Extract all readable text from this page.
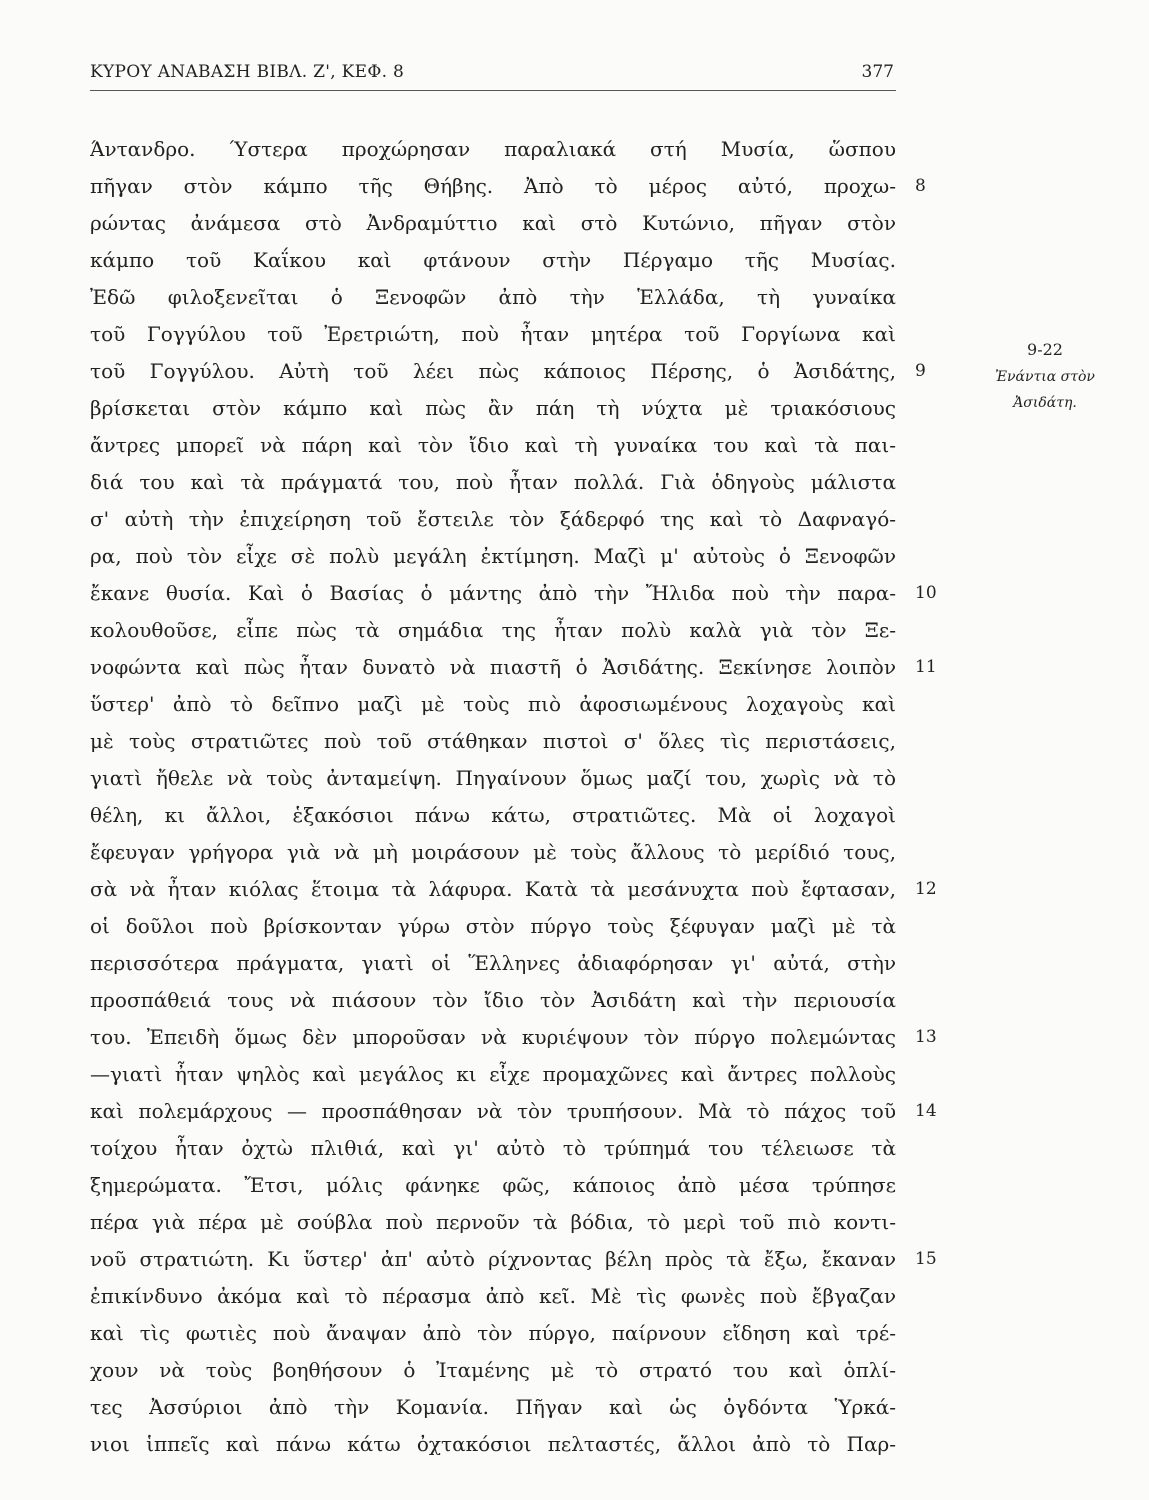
ΚΥΡΟΥ ΑΝΑΒΑΣΗ ΒΙΒΛ. Ζ', ΚΕΦ. 8	377
Άντανδρο. Ύστερα προχώρησαν παραλιακά στή Μυσία, ὥσπου
πῆγαν στὸν κάμπο τῆς Θήβης. Ἀπὸ τὸ μέρος αὐτό, προχω-
ρώντας ἀνάμεσα στὸ Ἀνδραμύττιο καὶ στὸ Κυτώνιο, πῆγαν στὸν
κάμπο τοῦ Καΐκου καὶ φτάνουν στὴν Πέργαμο τῆς Μυσίας.
Ἐδῶ φιλοξενεῖται ὁ Ξενοφῶν ἀπὸ τὴν Ἑλλάδα, τὴ γυναίκα
τοῦ Γογγύλου τοῦ Ἐρετριώτη, ποὺ ἦταν μητέρα τοῦ Γοργίωνα καὶ
τοῦ Γογγύλου. Αὐτὴ τοῦ λέει πὼς κάποιος Πέρσης, ὁ Ἀσιδάτης,
βρίσκεται στὸν κάμπο καὶ πὼς ἂν πάη τὴ νύχτα μὲ τριακόσιους
ἄντρες μπορεῖ νὰ πάρη καὶ τὸν ἴδιο καὶ τὴ γυναίκα του καὶ τὰ παι-
διά του καὶ τὰ πράγματά του, ποὺ ἦταν πολλά. Γιὰ ὁδηγοὺς μάλιστα
σ' αὐτὴ τὴν ἐπιχείρηση τοῦ ἔστειλε τὸν ξάδερφό της καὶ τὸ Δαφναγό-
ρα, ποὺ τὸν εἶχε σὲ πολὺ μεγάλη ἐκτίμηση. Μαζὶ μ' αὐτοὺς ὁ Ξενοφῶν
ἔκανε θυσία. Καὶ ὁ Βασίας ὁ μάντης ἀπὸ τὴν Ἤλιδα ποὺ τὴν παρα-
κολουθοῦσε, εἶπε πὼς τὰ σημάδια της ἦταν πολὺ καλὰ γιὰ τὸν Ξε-
νοφώντα καὶ πὼς ἦταν δυνατὸ νὰ πιαστῆ ὁ Ἀσιδάτης. Ξεκίνησε λοιπὸν
ὕστερ' ἀπὸ τὸ δεῖπνο μαζὶ μὲ τοὺς πιὸ ἀφοσιωμένους λοχαγοὺς καὶ
μὲ τοὺς στρατιῶτες ποὺ τοῦ στάθηκαν πιστοὶ σ' ὅλες τὶς περιστάσεις,
γιατὶ ἤθελε νὰ τοὺς ἀνταμείψη. Πηγαίνουν ὅμως μαζί του, χωρὶς νὰ τὸ
θέλη, κι ἄλλοι, ἑξακόσιοι πάνω κάτω, στρατιῶτες. Μὰ οἱ λοχαγοὶ
ἔφευγαν γρήγορα γιὰ νὰ μὴ μοιράσουν μὲ τοὺς ἄλλους τὸ μερίδιό τους,
σὰ νὰ ἦταν κιόλας ἕτοιμα τὰ λάφυρα. Κατὰ τὰ μεσάνυχτα ποὺ ἔφτασαν,
οἱ δοῦλοι ποὺ βρίσκονταν γύρω στὸν πύργο τοὺς ξέφυγαν μαζὶ μὲ τὰ
περισσότερα πράγματα, γιατὶ οἱ Ἕλληνες ἀδιαφόρησαν γι' αὐτά, στὴν
προσπάθειά τους νὰ πιάσουν τὸν ἴδιο τὸν Ἀσιδάτη καὶ τὴν περιουσία
του. Ἐπειδὴ ὅμως δὲν μποροῦσαν νὰ κυριέψουν τὸν πύργο πολεμώντας
—γιατὶ ἦταν ψηλὸς καὶ μεγάλος κι εἶχε προμαχῶνες καὶ ἄντρες πολλοὺς
καὶ πολεμάρχους — προσπάθησαν νὰ τὸν τρυπήσουν. Μὰ τὸ πάχος τοῦ
τοίχου ἦταν ὀχτὼ πλιθιά, καὶ γι' αὐτὸ τὸ τρύπημά του τέλειωσε τὰ
ξημερώματα. Ἔτσι, μόλις φάνηκε φῶς, κάποιος ἀπὸ μέσα τρύπησε
πέρα γιὰ πέρα μὲ σούβλα ποὺ περνοῦν τὰ βόδια, τὸ μερὶ τοῦ πιὸ κοντι-
νοῦ στρατιώτη. Κι ὕστερ' ἀπ' αὐτὸ ρίχνοντας βέλη πρὸς τὰ ἔξω, ἔκαναν
ἐπικίνδυνο ἀκόμα καὶ τὸ πέρασμα ἀπὸ κεῖ. Μὲ τὶς φωνὲς ποὺ ἔβγαζαν
καὶ τὶς φωτιὲς ποὺ ἄναψαν ἀπὸ τὸν πύργο, παίρνουν εἴδηση καὶ τρέ-
χουν νὰ τοὺς βοηθήσουν ὁ Ἰταμένης μὲ τὸ στρατό του καὶ ὁπλί-
τες Ἀσσύριοι ἀπὸ τὴν Κομανία. Πῆγαν καὶ ὡς ὀγδόντα Ὑρκά-
νιοι ἱππεῖς καὶ πάνω κάτω ὀχτακόσιοι πελταστές, ἄλλοι ἀπὸ τὸ Παρ-
8
9
10
11
12
13
14
15
9-22
Ἐνάντια στὸν
Ἀσιδάτη.
